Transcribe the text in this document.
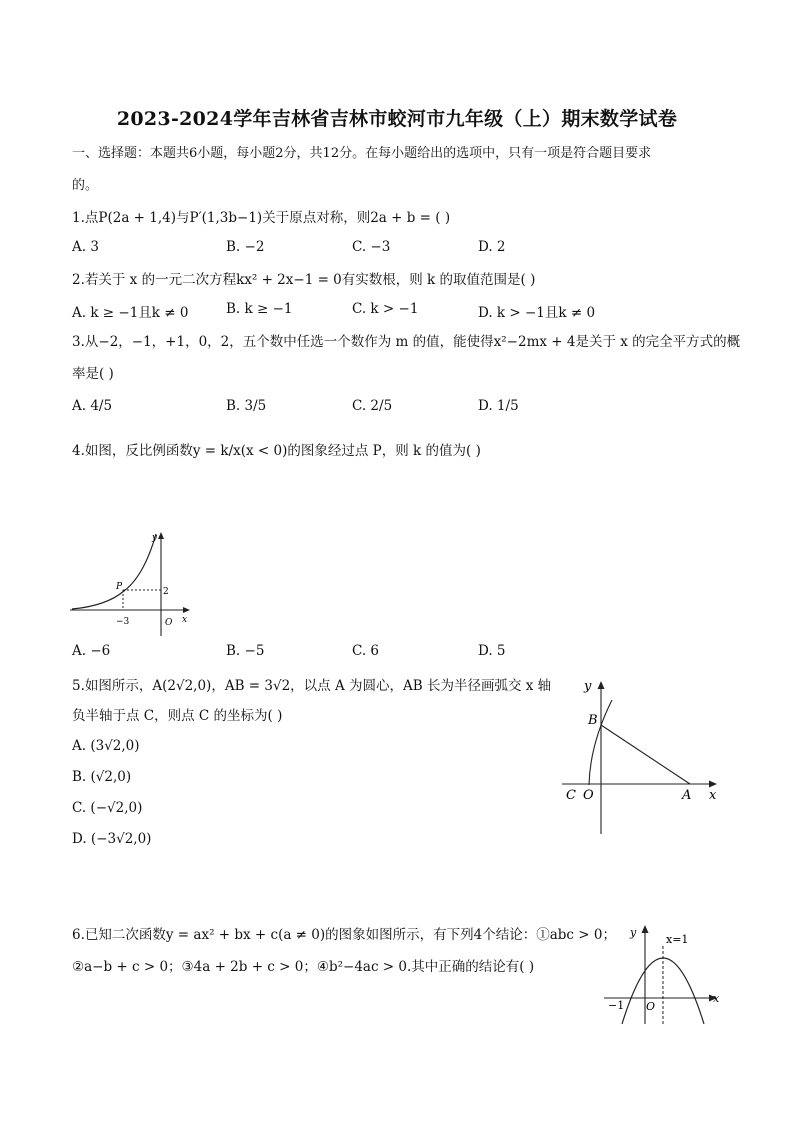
2023-2024学年吉林省吉林市蛟河市九年级（上）期末数学试卷
一、选择题：本题共6小题，每小题2分，共12分。在每小题给出的选项中，只有一项是符合题目要求
的。
1.点P(2a + 1,4)与P′(1,3b−1)关于原点对称，则2a + b = ( )
A. 3	B. −2	C. −3	D. 2
2.若关于 x 的一元二次方程kx² + 2x−1 = 0有实数根，则 k 的取值范围是( )
A. k ≥ −1且k ≠ 0	B. k ≥ −1	C. k > −1	D. k > −1且k ≠ 0
3.从−2，−1，+1，0，2，五个数中任选一个数作为 m 的值，能使得x²−2mx + 4是关于 x 的完全平方式的概
率是( )
A. 4/5	B. 3/5	C. 2/5	D. 1/5
4.如图，反比例函数y = k/x(x < 0)的图象经过点 P，则 k 的值为( )
y
x
O
P
−3
2
A. −6	B. −5	C. 6	D. 5
5.如图所示，A(2√2,0)，AB = 3√2，以点 A 为圆心，AB 长为半径画弧交 x 轴
负半轴于点 C，则点 C 的坐标为( )
A. (3√2,0)
B. (√2,0)
C. (−√2,0)
D. (−3√2,0)
y
x
B
A
C O
6.已知二次函数y = ax² + bx + c(a ≠ 0)的图象如图所示，有下列4个结论：①abc > 0；
②a−b + c > 0；③4a + 2b + c > 0；④b²−4ac > 0.其中正确的结论有( )
y
x
x=1
−1 O
